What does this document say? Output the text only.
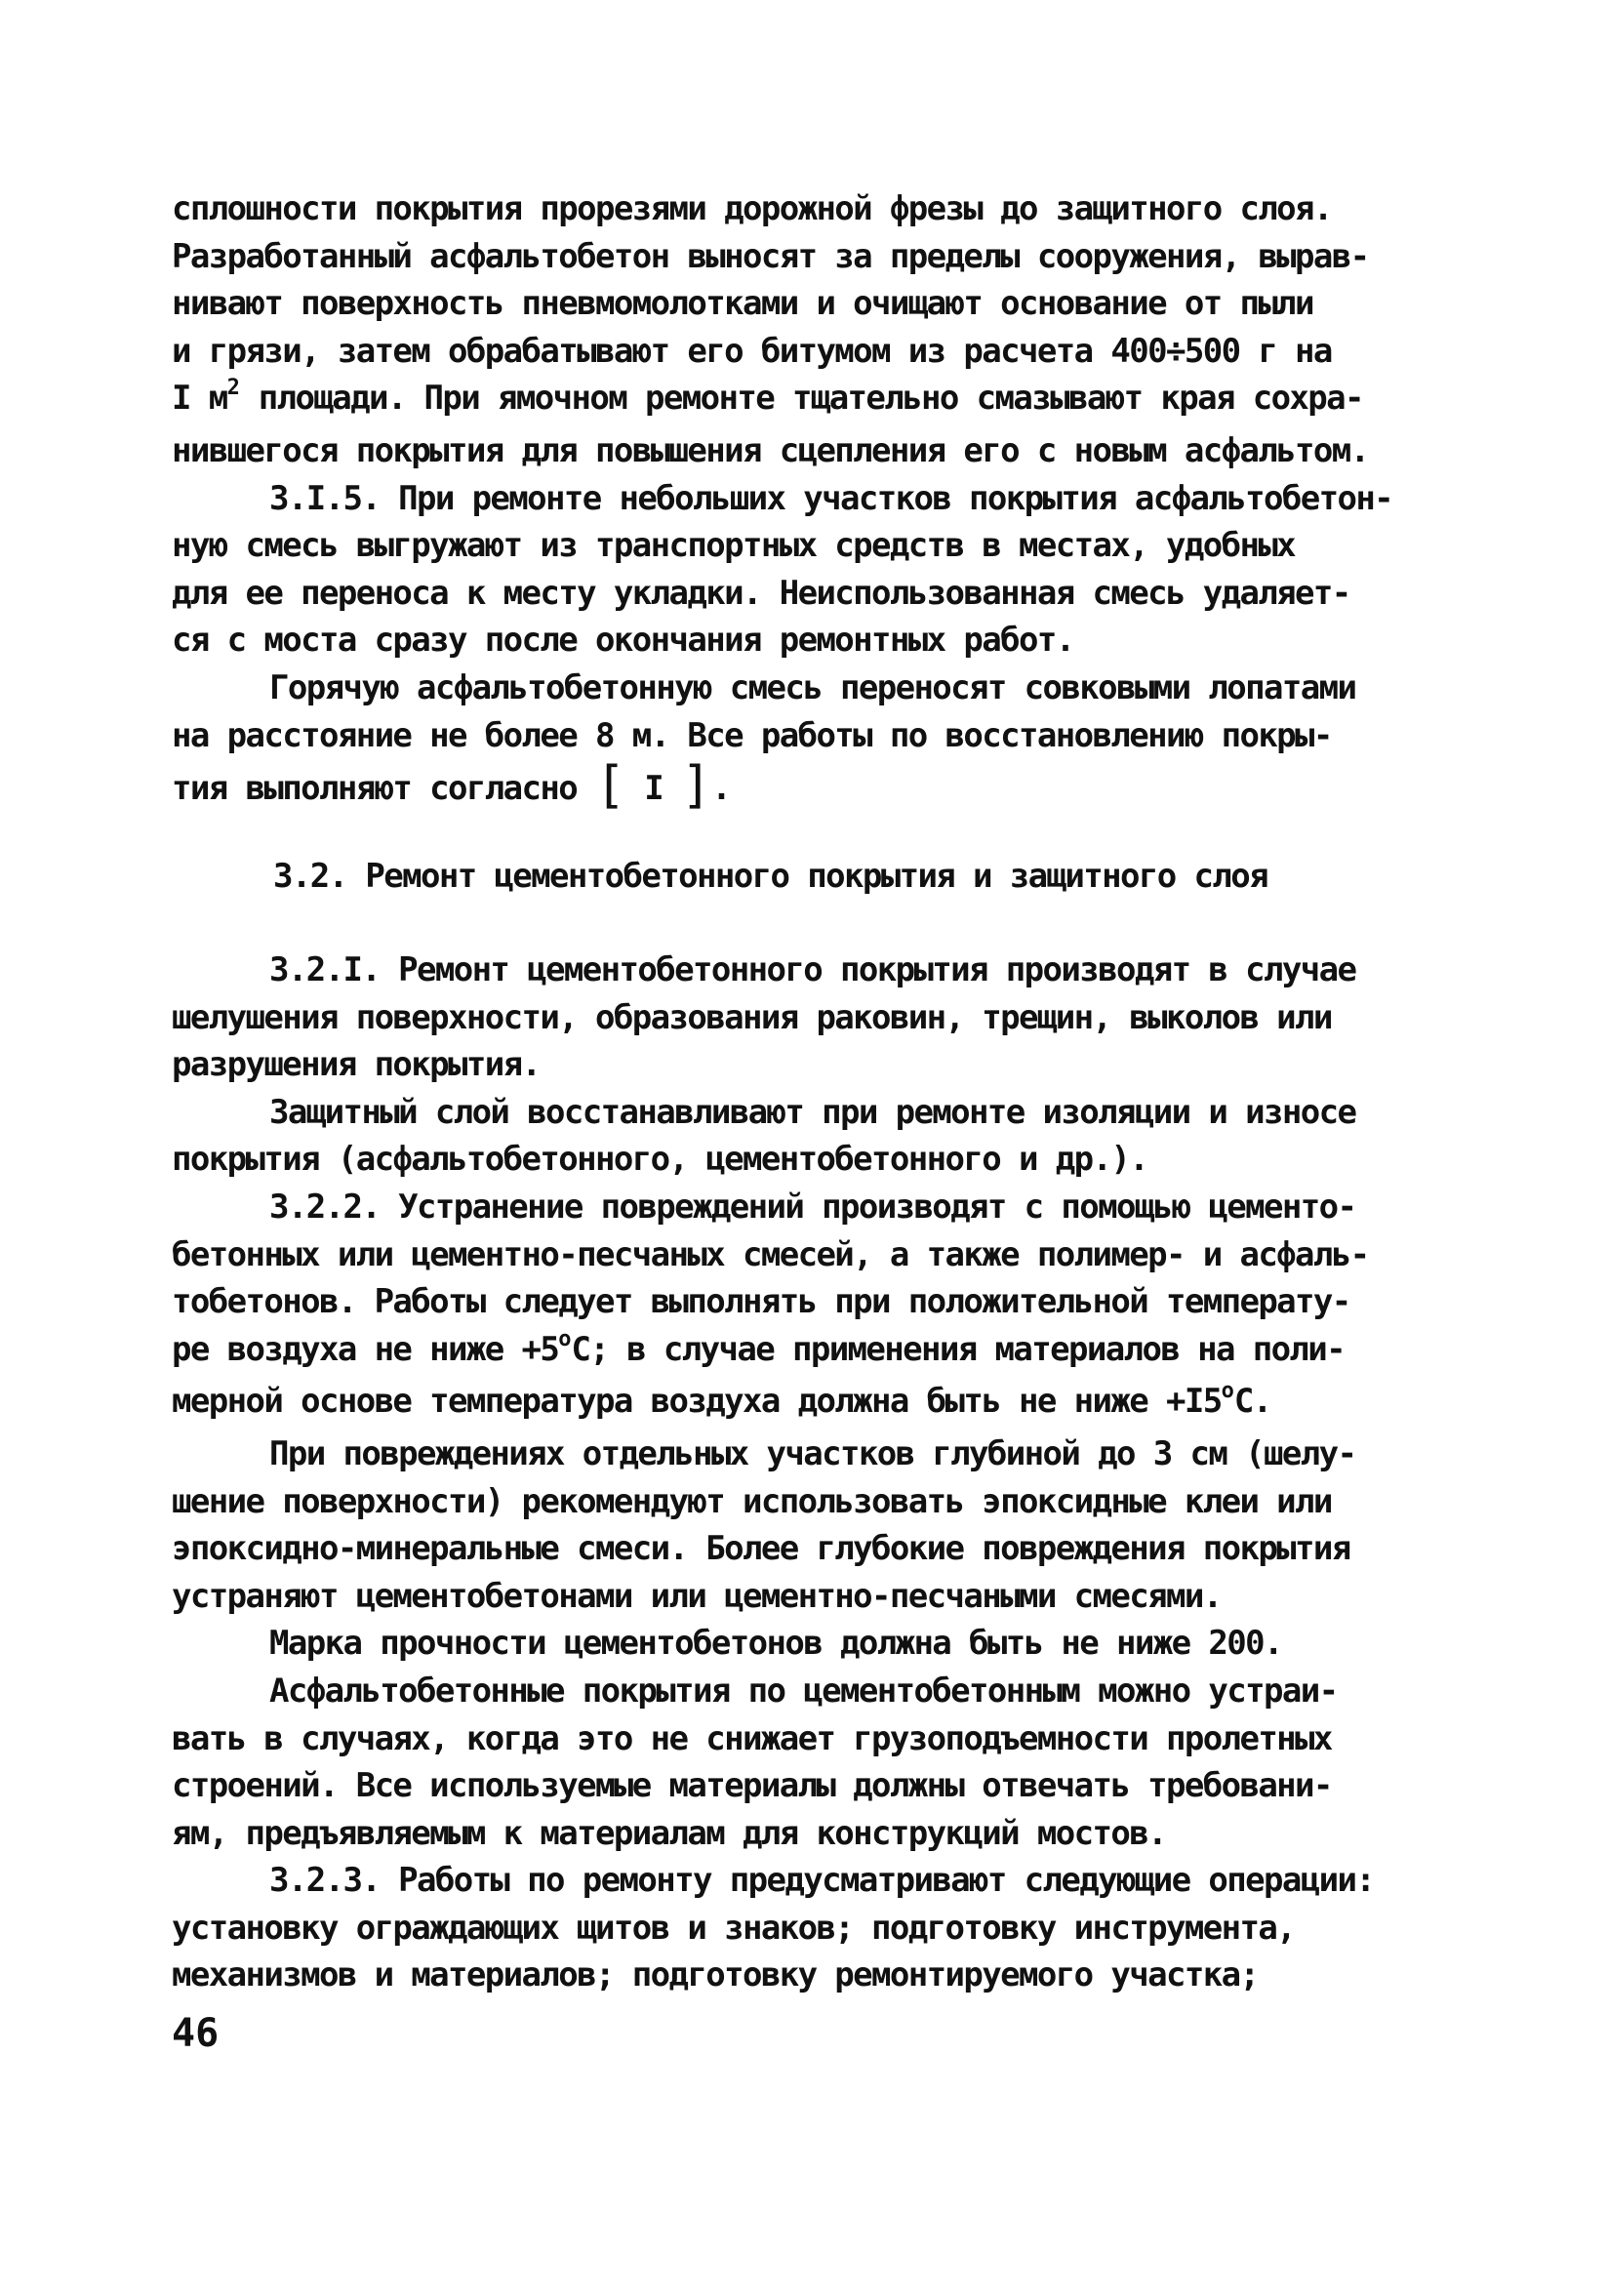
сплошности покрытия прорезями дорожной фрезы до защитного слоя.
Разработанный асфальтобетон выносят за пределы сооружения, вырав-
нивают поверхность пневмомолотками и очищают основание от пыли
и грязи, затем обрабатывают его битумом из расчета 400÷500 г на
I $м^2$ площади. При ямочном ремонте тщательно смазывают края сохра-
нившегося покрытия для повышения сцепления его с новым асфальтом.
3.I.5. При ремонте небольших участков покрытия асфальтобетон-
ную смесь выгружают из транспортных средств в местах, удобных
для ее переноса к месту укладки. Неиспользованная смесь удаляет-
ся с моста сразу после окончания ремонтных работ.
Горячую асфальтобетонную смесь переносят совковыми лопатами
на расстояние не более 8 м. Все работы по восстановлению покры-
тия выполняют согласно [ I ].
3.2. Ремонт цементобетонного покрытия и защитного слоя
3.2.I. Ремонт цементобетонного покрытия производят в случае
шелушения поверхности, образования раковин, трещин, выколов или
разрушения покрытия.
Защитный слой восстанавливают при ремонте изоляции и износе
покрытия (асфальтобетонного, цементобетонного и др.).
3.2.2. Устранение повреждений производят с помощью цементо-
бетонных или цементно-песчаных смесей, а также полимер- и асфаль-
тобетонов. Работы следует выполнять при положительной температу-
ре воздуха не ниже $+5^оС$; в случае применения материалов на поли-
мерной основе температура воздуха должна быть не ниже $+I5^оС$.
При повреждениях отдельных участков глубиной до 3 см (шелу-
шение поверхности) рекомендуют использовать эпоксидные клеи или
эпоксидно-минеральные смеси. Более глубокие повреждения покрытия
устраняют цементобетонами или цементно-песчаными смесями.
Марка прочности цементобетонов должна быть не ниже 200.
Асфальтобетонные покрытия по цементобетонным можно устраи-
вать в случаях, когда это не снижает грузоподъемности пролетных
строений. Все используемые материалы должны отвечать требовани-
ям, предъявляемым к материалам для конструкций мостов.
3.2.3. Работы по ремонту предусматривают следующие операции:
установку ограждающих щитов и знаков; подготовку инструмента,
механизмов и материалов; подготовку ремонтируемого участка;
46
